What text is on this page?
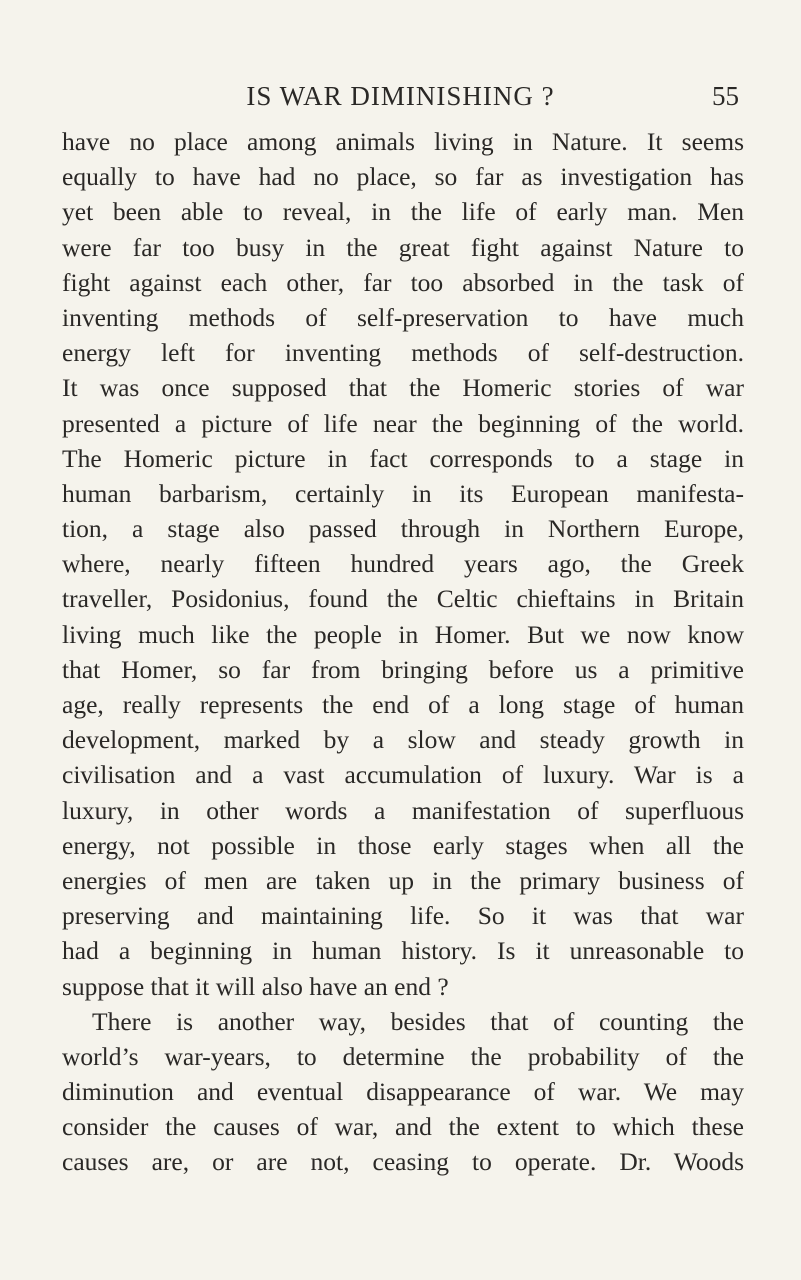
IS WAR DIMINISHING ?	55
have no place among animals living in Nature. It seems
equally to have had no place, so far as investigation has
yet been able to reveal, in the life of early man. Men
were far too busy in the great fight against Nature to
fight against each other, far too absorbed in the task of
inventing methods of self-preservation to have much
energy left for inventing methods of self-destruction.
It was once supposed that the Homeric stories of war
presented a picture of life near the beginning of the world.
The Homeric picture in fact corresponds to a stage in
human barbarism, certainly in its European manifesta-
tion, a stage also passed through in Northern Europe,
where, nearly fifteen hundred years ago, the Greek
traveller, Posidonius, found the Celtic chieftains in Britain
living much like the people in Homer. But we now know
that Homer, so far from bringing before us a primitive
age, really represents the end of a long stage of human
development, marked by a slow and steady growth in
civilisation and a vast accumulation of luxury. War is a
luxury, in other words a manifestation of superfluous
energy, not possible in those early stages when all the
energies of men are taken up in the primary business of
preserving and maintaining life. So it was that war
had a beginning in human history. Is it unreasonable to
suppose that it will also have an end ?
There is another way, besides that of counting the
world’s war-years, to determine the probability of the
diminution and eventual disappearance of war. We may
consider the causes of war, and the extent to which these
causes are, or are not, ceasing to operate. Dr. Woods
